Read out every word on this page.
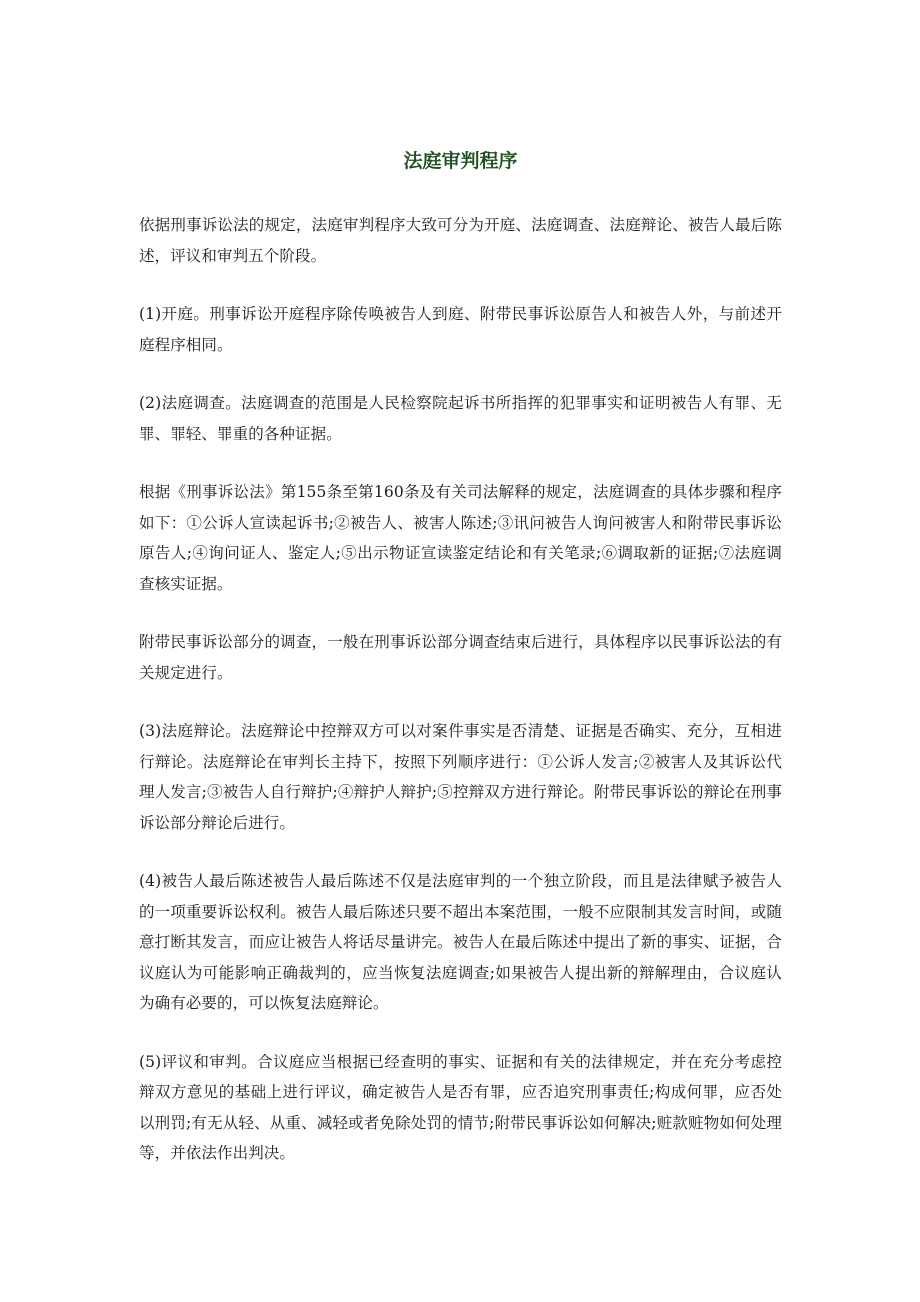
法庭审判程序

依据刑事诉讼法的规定，法庭审判程序大致可分为开庭、法庭调查、法庭辩论、被告人最后陈述，评议和审判五个阶段。

(1)开庭。刑事诉讼开庭程序除传唤被告人到庭、附带民事诉讼原告人和被告人外，与前述开庭程序相同。

(2)法庭调查。法庭调查的范围是人民检察院起诉书所指挥的犯罪事实和证明被告人有罪、无罪、罪轻、罪重的各种证据。

根据《刑事诉讼法》第155条至第160条及有关司法解释的规定，法庭调查的具体步骤和程序如下：①公诉人宣读起诉书;②被告人、被害人陈述;③讯问被告人询问被害人和附带民事诉讼原告人;④询问证人、鉴定人;⑤出示物证宣读鉴定结论和有关笔录;⑥调取新的证据;⑦法庭调查核实证据。

附带民事诉讼部分的调查，一般在刑事诉讼部分调查结束后进行，具体程序以民事诉讼法的有关规定进行。

(3)法庭辩论。法庭辩论中控辩双方可以对案件事实是否清楚、证据是否确实、充分，互相进行辩论。法庭辩论在审判长主持下，按照下列顺序进行：①公诉人发言;②被害人及其诉讼代理人发言;③被告人自行辩护;④辩护人辩护;⑤控辩双方进行辩论。附带民事诉讼的辩论在刑事诉讼部分辩论后进行。

(4)被告人最后陈述被告人最后陈述不仅是法庭审判的一个独立阶段，而且是法律赋予被告人的一项重要诉讼权利。被告人最后陈述只要不超出本案范围，一般不应限制其发言时间，或随意打断其发言，而应让被告人将话尽量讲完。被告人在最后陈述中提出了新的事实、证据，合议庭认为可能影响正确裁判的，应当恢复法庭调查;如果被告人提出新的辩解理由，合议庭认为确有必要的，可以恢复法庭辩论。

(5)评议和审判。合议庭应当根据已经查明的事实、证据和有关的法律规定，并在充分考虑控辩双方意见的基础上进行评议，确定被告人是否有罪，应否追究刑事责任;构成何罪，应否处以刑罚;有无从轻、从重、减轻或者免除处罚的情节;附带民事诉讼如何解决;赃款赃物如何处理等，并依法作出判决。
